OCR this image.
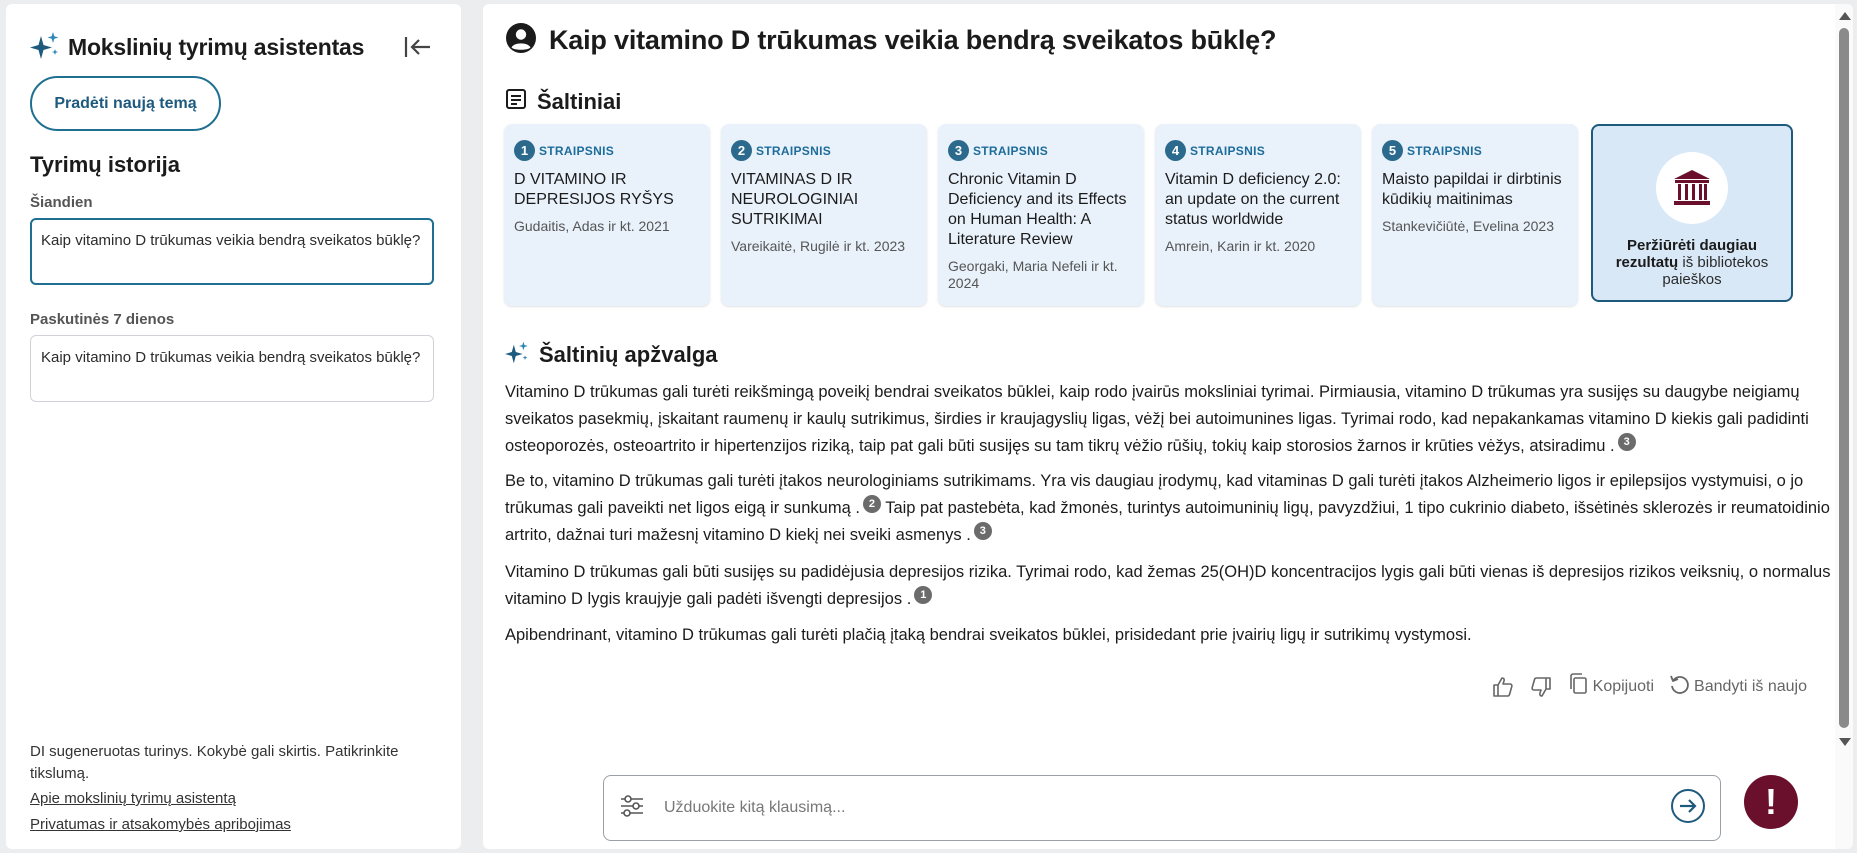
Mokslinių tyrimų asistentas
Pradėti naują temą
Tyrimų istorija
Šiandien
Kaip vitamino D trūkumas veikia bendrą sveikatos būklę?
Paskutinės 7 dienos
Kaip vitamino D trūkumas veikia bendrą sveikatos būklę?
DI sugeneruotas turinys. Kokybė gali skirtis. Patikrinkite tikslumą.
Apie mokslinių tyrimų asistentą
Privatumas ir atsakomybės apribojimas
Kaip vitamino D trūkumas veikia bendrą sveikatos būklę?
Šaltiniai
1 STRAIPSNIS
D VITAMINO IR DEPRESIJOS RYŠYS
Gudaitis, Adas ir kt. 2021
2 STRAIPSNIS
VITAMINAS D IR NEUROLOGINIAI SUTRIKIMAI
Vareikaitė, Rugilė ir kt. 2023
3 STRAIPSNIS
Chronic Vitamin D Deficiency and its Effects on Human Health: A Literature Review
Georgaki, Maria Nefeli ir kt. 2024
4 STRAIPSNIS
Vitamin D deficiency 2.0: an update on the current status worldwide
Amrein, Karin ir kt. 2020
5 STRAIPSNIS
Maisto papildai ir dirbtinis kūdikių maitinimas
Stankevičiūtė, Evelina 2023
Peržiūrėti daugiau rezultatų iš bibliotekos paieškos
Šaltinių apžvalga

Vitamino D trūkumas gali turėti reikšmingą poveikį bendrai sveikatos būklei, kaip rodo įvairūs moksliniai tyrimai. Pirmiausia, vitamino D trūkumas yra susijęs su daugybe neigiamų sveikatos pasekmių, įskaitant raumenų ir kaulų sutrikimus, širdies ir kraujagyslių ligas, vėžį bei autoimunines ligas. Tyrimai rodo, kad nepakankamas vitamino D kiekis gali padidinti osteoporozės, osteoartrito ir hipertenzijos riziką, taip pat gali būti susijęs su tam tikrų vėžio rūšių, tokių kaip storosios žarnos ir krūties vėžys, atsiradimu . 3

Be to, vitamino D trūkumas gali turėti įtakos neurologiniams sutrikimams. Yra vis daugiau įrodymų, kad vitaminas D gali turėti įtakos Alzheimerio ligos ir epilepsijos vystymuisi, o jo trūkumas gali paveikti net ligos eigą ir sunkumą . 2 Taip pat pastebėta, kad žmonės, turintys autoimuninių ligų, pavyzdžiui, 1 tipo cukrinio diabeto, išsėtinės sklerozės ir reumatoidinio artrito, dažnai turi mažesnį vitamino D kiekį nei sveiki asmenys . 3

Vitamino D trūkumas gali būti susijęs su padidėjusia depresijos rizika. Tyrimai rodo, kad žemas 25(OH)D koncentracijos lygis gali būti vienas iš depresijos rizikos veiksnių, o normalus vitamino D lygis kraujyje gali padėti išvengti depresijos . 1

Apibendrinant, vitamino D trūkumas gali turėti plačią įtaką bendrai sveikatos būklei, prisidedant prie įvairių ligų ir sutrikimų vystymosi.

Kopijuoti	Bandyti iš naujo
Užduokite kitą klausimą...
!
